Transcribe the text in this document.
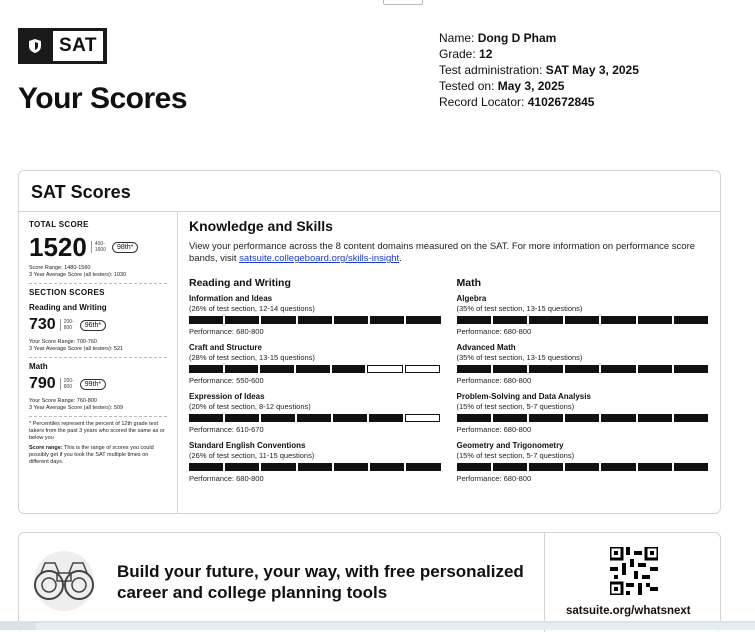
SAT
Your Scores
Name: Dong D Pham
Grade: 12
Test administration: SAT May 3, 2025
Tested on: May 3, 2025
Record Locator: 4102672845
SAT Scores
TOTAL SCORE
1520	400-
1600	98th*
Score Range: 1480-1560
3 Year Average Score (all testers): 1030
SECTION SCORES
Reading and Writing
730	200-
800	96th*
Your Score Range: 700-760
3 Year Average Score (all testers): 521
Math
790	200-
800	99th*
Your Score Range: 760-800
3 Year Average Score (all testers): 509
* Percentiles represent the percent of 12th grade test takers from the past 3 years who scored the same as or below you
Score range: This is the range of scores you could possibly get if you took the SAT multiple times on different days.
Knowledge and Skills
View your performance across the 8 content domains measured on the SAT. For more information on performance score bands, visit satsuite.collegeboard.org/skills-insight.
Reading and Writing
Information and Ideas
(26% of test section, 12-14 questions)
Performance: 680-800
Craft and Structure
(28% of test section, 13-15 questions)
Performance: 550-600
Expression of Ideas
(20% of test section, 8-12 questions)
Performance: 610-670
Standard English Conventions
(26% of test section, 11-15 questions)
Performance: 680-800
Math
Algebra
(35% of test section, 13-15 questions)
Performance: 680-800
Advanced Math
(35% of test section, 13-15 questions)
Performance: 680-800
Problem-Solving and Data Analysis
(15% of test section, 5-7 questions)
Performance: 680-800
Geometry and Trigonometry
(15% of test section, 5-7 questions)
Performance: 680-800
Build your future, your way, with free personalized career and college planning tools
satsuite.org/whatsnext
